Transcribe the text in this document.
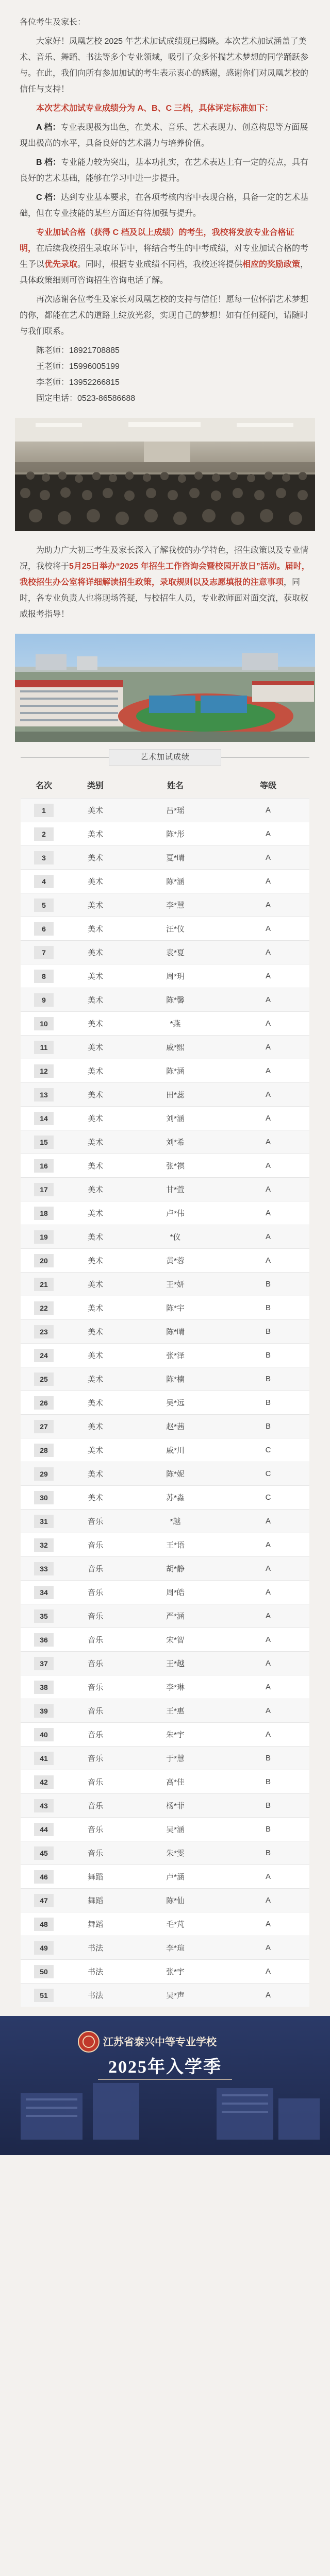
各位考生及家长：

大家好！凤凰艺校 2025 年艺术加试成绩现已揭晓。本次艺术加试涵盖了美术、音乐、舞蹈、书法等多个专业领域，吸引了众多怀揣艺术梦想的同学踊跃参与。在此，我们向所有参加加试的考生表示衷心的感谢，感谢你们对凤凰艺校的信任与支持！

本次艺术加试专业成绩分为 A、B、C 三档，具体评定标准如下：

A 档：专业表现极为出色，在美术、音乐、艺术表现力、创意构思等方面展现出极高的水平，具备良好的艺术潜力与培养价值。

B 档：专业能力较为突出，基本功扎实，在艺术表达上有一定的亮点，具有良好的艺术基础，能够在学习中进一步提升。

C 档：达到专业基本要求，在各项考核内容中表现合格，具备一定的艺术基础，但在专业技能的某些方面还有待加强与提升。

专业加试合格（获得 C 档及以上成绩）的考生，我校将发放专业合格证明，在后续我校招生录取环节中，将结合考生的中考成绩，对专业加试合格的考生予以优先录取。同时，根据专业成绩不同档，我校还将提供相应的奖励政策，具体政策细则可咨询招生咨询电话了解。

再次感谢各位考生及家长对凤凰艺校的支持与信任！愿每一位怀揣艺术梦想的你，都能在艺术的道路上绽放光彩，实现自己的梦想！如有任何疑问，请随时与我们联系。

陈老师：18921708885
王老师：15996005199
李老师：13952266815
固定电话：0523-86586688

为助力广大初三考生及家长深入了解我校的办学特色，招生政策以及专业情况，我校将于5月25日举办“2025 年招生工作咨询会暨校园开放日”活动。届时，我校招生办公室将详细解读招生政策，录取规则以及志愿填报的注意事项，同时，各专业负责人也将现场答疑，与校招生人员，专业教师面对面交流，获取权威报考指导！

艺术加试成绩
名次	类别	姓名	等级
1	美术	吕*瑶	A
2	美术	陈*彤	A
3	美术	夏*晴	A
4	美术	陈*涵	A
5	美术	李*慧	A
6	美术	汪*仪	A
7	美术	袁*夏	A
8	美术	周*玥	A
9	美术	陈*馨	A
10	美术	*燕	A
11	美术	戚*熙	A
12	美术	陈*涵	A
13	美术	田*蕊	A
14	美术	刘*涵	A
15	美术	刘*希	A
16	美术	张*祺	A
17	美术	甘*萱	A
18	美术	卢*伟	A
19	美术	*仪	A
20	美术	黄*蓉	A
21	美术	王*妍	B
22	美术	陈*宇	B
23	美术	陈*晴	B
24	美术	张*泽	B
25	美术	陈*楠	B
26	美术	吴*远	B
27	美术	赵*茜	B
28	美术	戚*川	C
29	美术	陈*妮	C
30	美术	苏*淼	C
31	音乐	*越	A
32	音乐	王*语	A
33	音乐	胡*静	A
34	音乐	周*皓	A
35	音乐	严*涵	A
36	音乐	宋*智	A
37	音乐	王*越	A
38	音乐	李*琳	A
39	音乐	王*惠	A
40	音乐	朱*宇	A
41	音乐	于*慧	B
42	音乐	高*佳	B
43	音乐	杨*菲	B
44	音乐	吴*涵	B
45	音乐	朱*雯	B
46	舞蹈	卢*涵	A
47	舞蹈	陈*仙	A
48	舞蹈	毛*芃	A
49	书法	李*瑄	A
50	书法	张*宇	A
51	书法	吴*声	A
江苏省泰兴中等专业学校
2025年入学季
